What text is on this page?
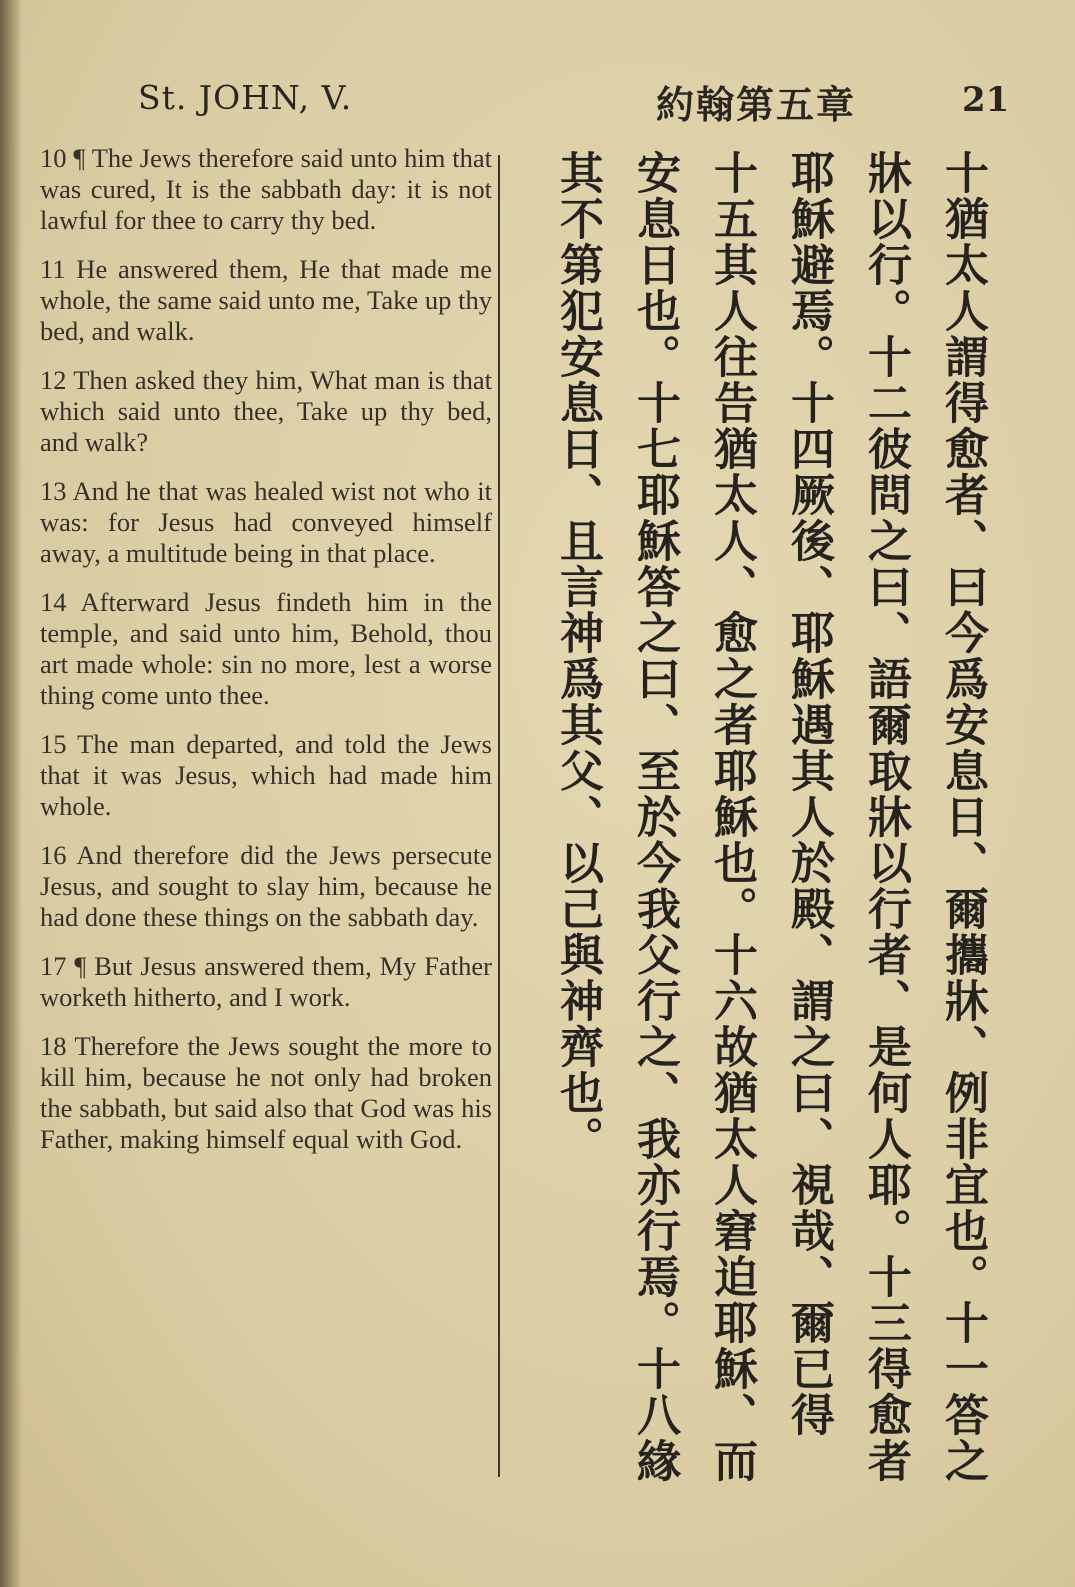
St. JOHN, V.	約翰第五章	21

10 ¶ The Jews therefore said unto him that was cured, It is the sabbath day: it is not lawful for thee to carry thy bed.

11 He answered them, He that made me whole, the same said unto me, Take up thy bed, and walk.

12 Then asked they him, What man is that which said unto thee, Take up thy bed, and walk?

13 And he that was healed wist not who it was: for Jesus had conveyed himself away, a multitude being in that place.

14 Afterward Jesus findeth him in the temple, and said unto him, Behold, thou art made whole: sin no more, lest a worse thing come unto thee.

15 The man departed, and told the Jews that it was Jesus, which had made him whole.

16 And therefore did the Jews persecute Jesus, and sought to slay him, because he had done these things on the sabbath day.

17 ¶ But Jesus answered them, My Father worketh hitherto, and I work.

18 Therefore the Jews sought the more to kill him, because he not only had broken the sabbath, but said also that God was his Father, making himself equal with God.

十猶太人謂得愈者、曰今爲安息日、爾攜牀、例非宜也。十一答之
牀以行。十二彼問之曰、語爾取牀以行者、是何人耶。十三得愈者
耶穌避焉。十四厥後、耶穌遇其人於殿、謂之曰、視哉、爾已得
十五其人往告猶太人、愈之者耶穌也。十六故猶太人窘迫耶穌、而
安息日也。十七耶穌答之曰、至於今我父行之、我亦行焉。十八緣
其不第犯安息日、且言神爲其父、以己與神齊也。
